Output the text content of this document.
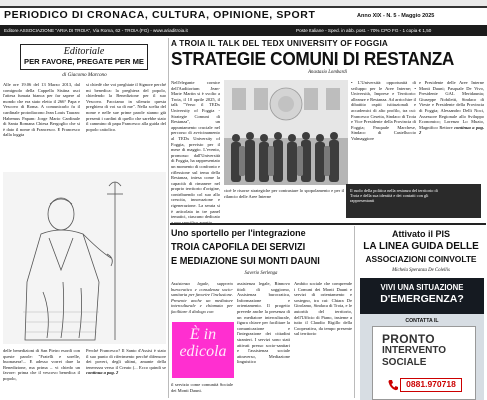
PERIODICO DI CRONACA, CULTURA, OPINIONE, SPORT	Anno XIX - N. 5 - Maggio 2025
Editore ASSOCIAZIONE "ARIA DI TROIA", Via Roma, 62 - TROIA (FG) - www.ariaditroia.it	Poste Italiane - Sped. in abb. post. - 70% CPO FG - 1 copia € 1,50
Editoriale
PER FAVORE, PREGATE PER ME
di Giacomo Marcono
Alle ore 19.06 del 13 Marzo 2013, dal comignolo della Cappella Sistina usci l'attesa fumata bianca per far sapere al mondo che era stato eletto il 266° Papa e Vescovo di Roma. A comunicarlo fu il cardinale protodiacono Jean Louis Tauran: Habemus Papam: Jorge Mario Cardinale di Santa Romana Chiesa Bergoglio che si è dato il nome di Francesco. E Francesco dalla loggia
si chiedè che voi preghiate il Signore perché mi benedica: la preghiera del popolo, chiedendo la Benedizione per il suo Vescovo. Facciamo in silenzio questa preghiera di voi su di me". Nella scelta del nome e nelle sue prime parole stanno già presenti i cardini di quello che sarebbe stato il cammino di papa Francesco alla guida del popolo cattolico.
delle benedizioni di San Pietro esordì con queste parole: "Fratelli e sorelle, buonasera!... E adesso vorrei dare la Benedizione, ma prima – vi chiedo un favore: prima che il vescovo benedica il popolo,
Perché Francesco? Il Santo d'Assisi è stato il suo punto di riferimento perché difensore dei poveri, degli ultimi, amante della tenerezza verso il Creato (... Ecco quindi se continua a pag. 2
A TROIA IL TALK DEL TEDX UNIVERSITY OF FOGGIA
STRATEGIE COMUNI DI RESTANZA
Anastasio Lombardi
Nell'elegante cornice dell'Auditorium Jean-Marie Martin si è svolto a Troia, il 10 aprile 2025, il talk "Verso il TEDx University of Foggia - Strategie Comuni di Restanza", un appuntamento cruciale nel percorso di avvicinamento al TEDx University of Foggia, previsto per il mese di maggio. L'evento, promosso dall'Università di Foggia, ha rappresentato un momento di confronto e riflessione sul tema della Restanza, intesa come la capacità di rimanere nel proprio territorio d'origine, contribuendo col suo allo crescita, innovazione e rigenerazione. La serata si è articolata in tre panel tematici, ciascuno dedicato
Il ruolo della politica nella restanza del territorio di Troia e della sua identità e dei contatti con gli rappresentanti
cioè le risorse strategiche per contrastare lo spopolamento e per il rilancio delle Aree Interne
• L'Università: opportunità di sviluppo per le Aree Interne; • Università, Imprese e Territorio: alleanze e Restanza. Ad arricchire il dibattito ospiti istituzionali e accademici di alto profilo, tra cui: Francesco Cesetta, Sindaco di Troia e Vice Presidente della Provincia di Foggia; Pasquale Marchese, Sindaco di Castelluccio Valmaggiore
e Presidente delle Aree Interne Monti Dauni; Pasquale De Vivo, Presidente GAL Meridaunia; Giuseppe Nobiletti, Sindaco di Vieste e Presidente della Provincia di Foggia; Alessandro Delli Noci, Assessore Regionale allo Sviluppo Economico; Lorenzo Lo Muzio, Magnifico Rettore continua a pag. 2
Uno sportello per l'integrazione
TROIA CAPOFILA DEI SERVIZI
E MEDIAZIONE SUI MONTI DAUNI
Saverio Serlenga
Assistenza legale, supporto burocratico e consulenza socio-sanitaria per favorire l'inclusione. Presente anche un mediatore interculturale e chiamata per facilitare il dialogo con
È in edicola
il servizio come comunità Sociale dei Monti Dauni.
assistenza legale, Rinnovo titoli di soggiorno, Assistenza burocratica, Informazione e orientamento. Il progetto prevede anche la presenza di un mediatore interculturale, figura chiave per facilitare la comunicazione e l'integrazione dei cittadini stranieri. I servizi sono stati attivati presso socio-sanitari e l'assistenza sociale attraverso, Mediazione linguistico
Ambito sociale che comprende i Comuni dei Monti Dauni e servizi di orientamento e sostegno, tra cui: Chiara De Girolamo, Sindaca di Troia, e le autorità del territorio, dell'Ufficio di Piano, insieme a tutto il Claudio Rigillo della Cooperativa, da tempo presente sul territorio
Attivato il PIS
LA LINEA GUIDA DELLE
ASSOCIAZIONI COINVOLTE
Michela Speranza De Colellis
VIVI UNA SITUAZIONE
D'EMERGENZA?
CONTATTA IL
PRONTO
INTERVENTO
SOCIALE
0881.970718
